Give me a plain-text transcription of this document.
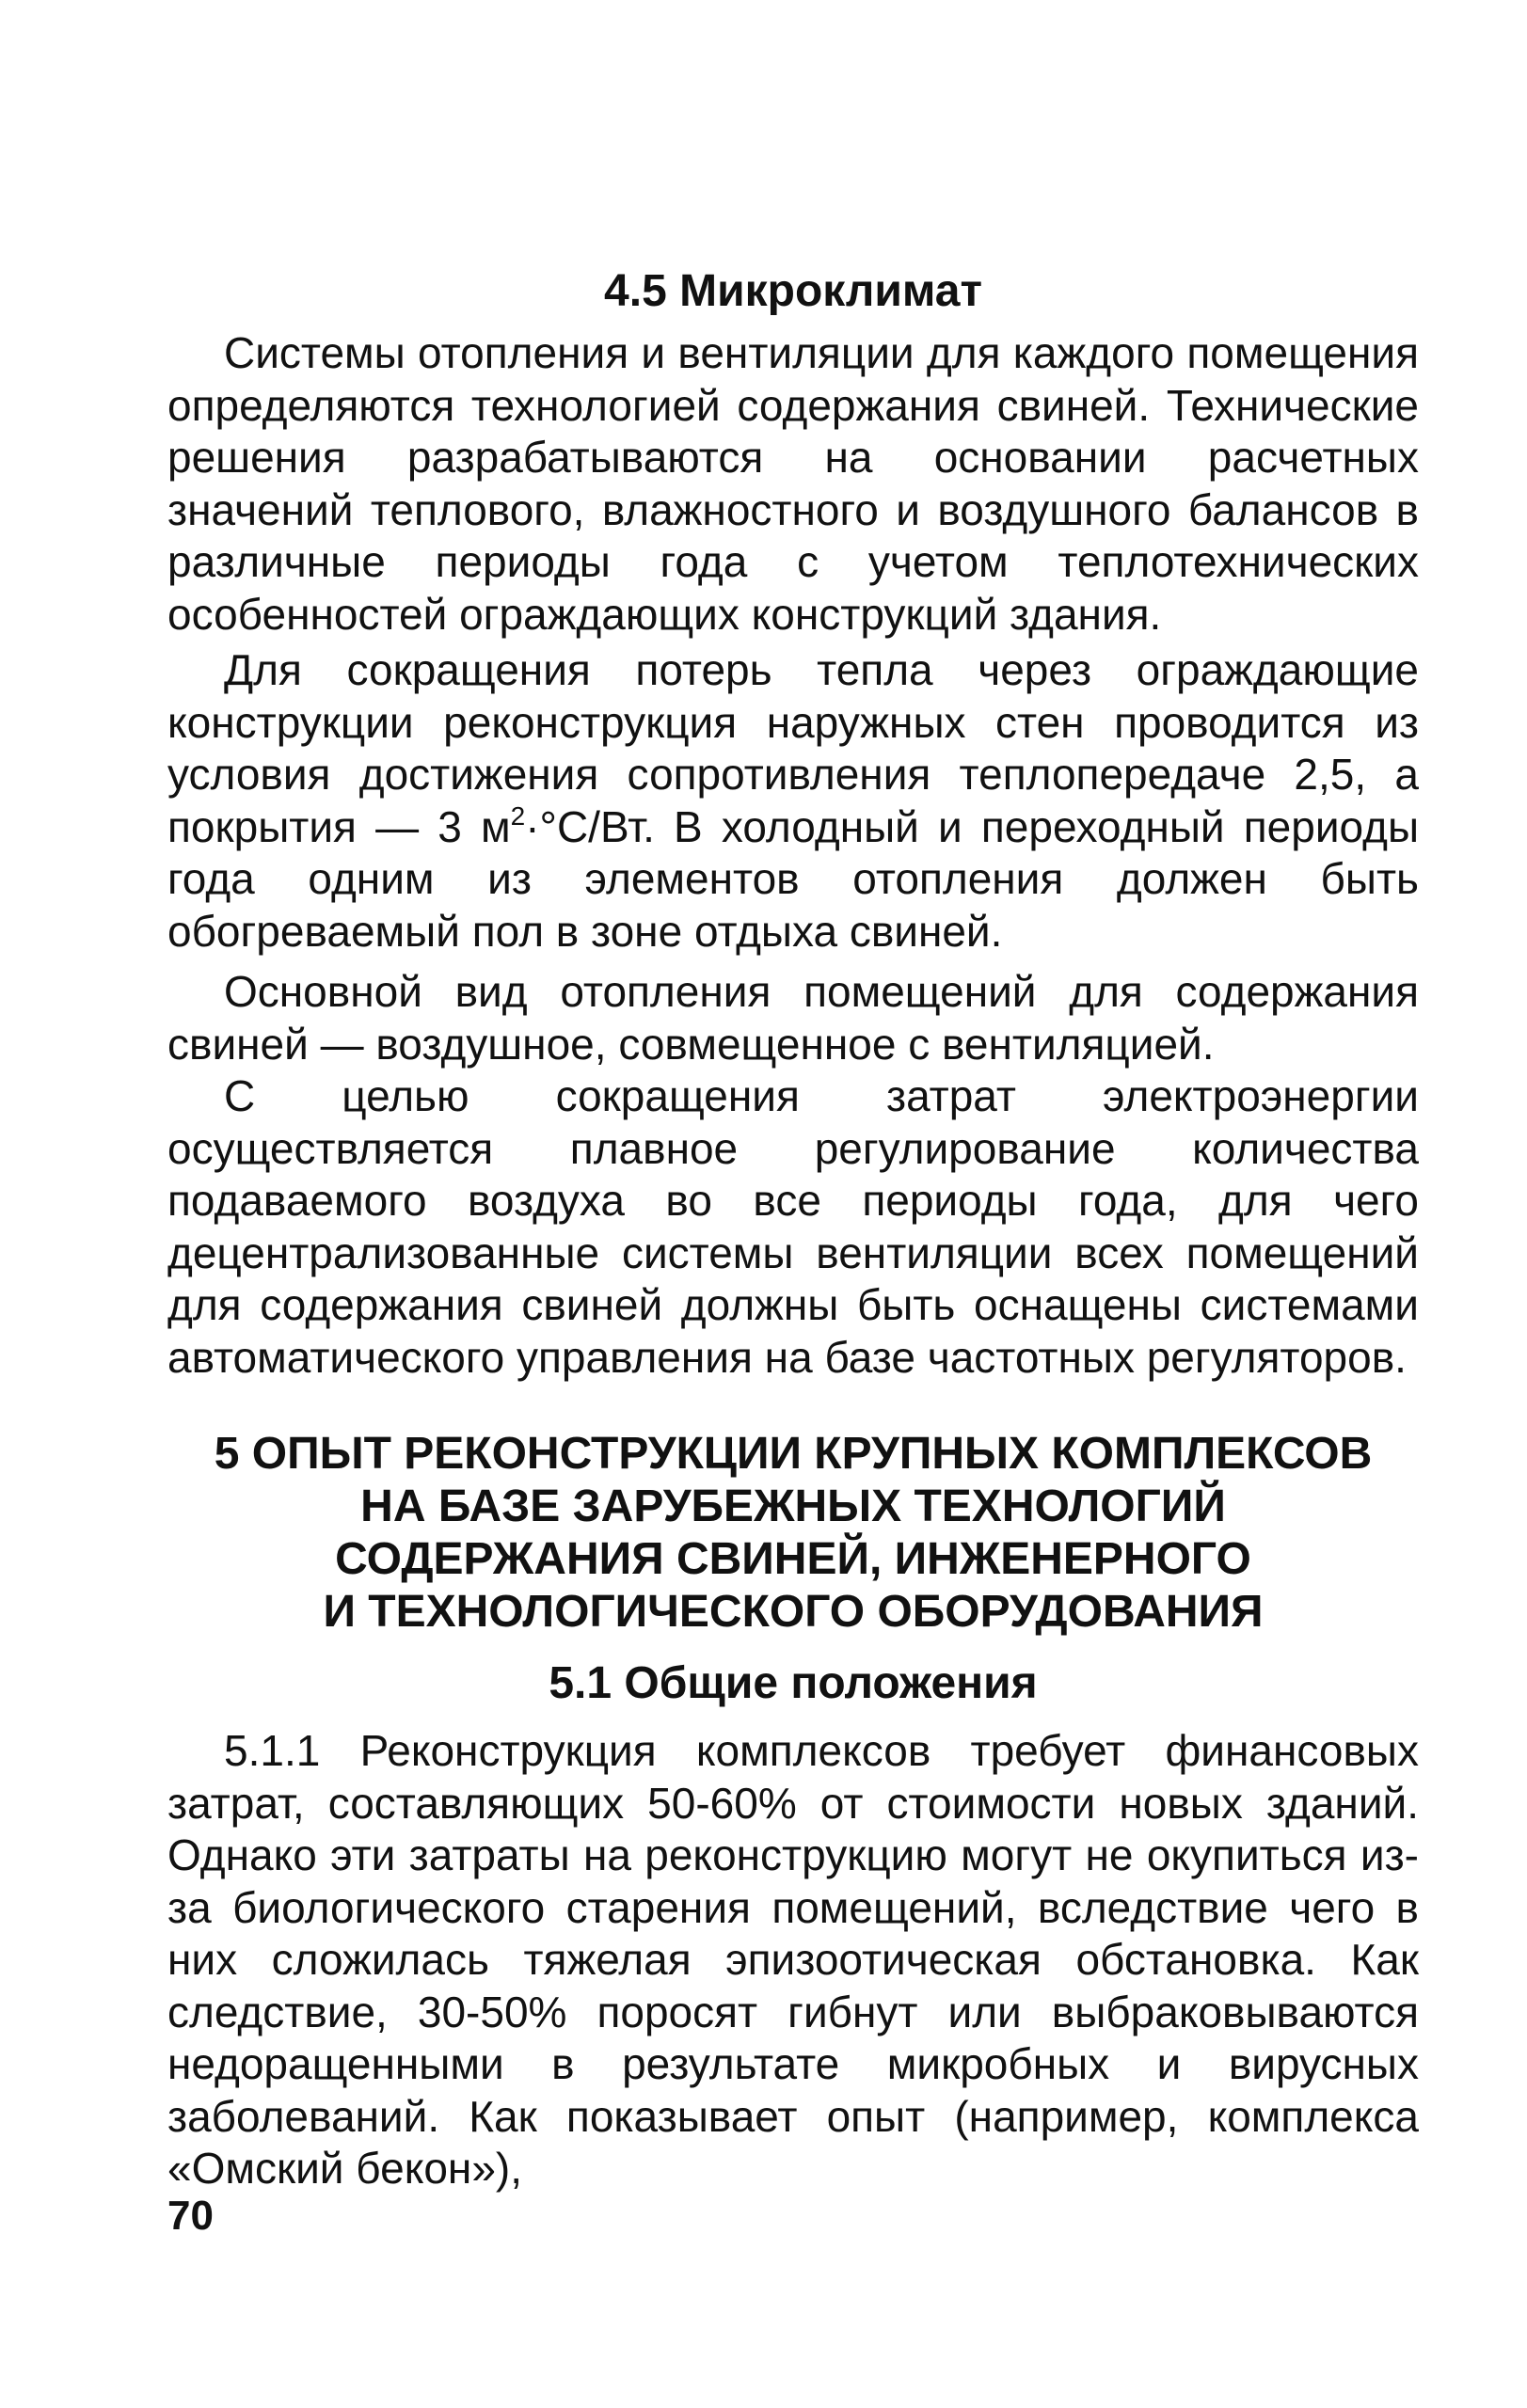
4.5 Микроклимат

Системы отопления и вентиляции для каждого помещения определяются технологией содержания свиней. Технические решения разрабатываются на основании расчетных значений теплового, влажностного и воздушного балансов в различные периоды года с учетом теплотехнических особенностей ограждающих конструкций здания.

Для сокращения потерь тепла через ограждающие конструкции реконструкция наружных стен проводится из условия достижения сопротивления теплопередаче 2,5, а покрытия — 3 $м^2\cdot^\circ С/Вт$. В холодный и переходный периоды года одним из элементов отопления должен быть обогреваемый пол в зоне отдыха свиней.

Основной вид отопления помещений для содержания свиней — воздушное, совмещенное с вентиляцией.

С целью сокращения затрат электроэнергии осуществляется плавное регулирование количества подаваемого воздуха во все периоды года, для чего децентрализованные системы вентиляции всех помещений для содержания свиней должны быть оснащены системами автоматического управления на базе частотных регуляторов.

5 ОПЫТ РЕКОНСТРУКЦИИ КРУПНЫХ КОМПЛЕКСОВ
НА БАЗЕ ЗАРУБЕЖНЫХ ТЕХНОЛОГИЙ
СОДЕРЖАНИЯ СВИНЕЙ, ИНЖЕНЕРНОГО
И ТЕХНОЛОГИЧЕСКОГО ОБОРУДОВАНИЯ
5.1 Общие положения

5.1.1 Реконструкция комплексов требует финансовых затрат, составляющих 50-60% от стоимости новых зданий. Однако эти затраты на реконструкцию могут не окупиться из-за биологического старения помещений, вследствие чего в них сложилась тяжелая эпизоотическая обстановка. Как следствие, 30-50% поросят гибнут или выбраковываются недоращенными в результате микробных и вирусных заболеваний. Как показывает опыт (например, комплекса «Омский бекон»),

70
